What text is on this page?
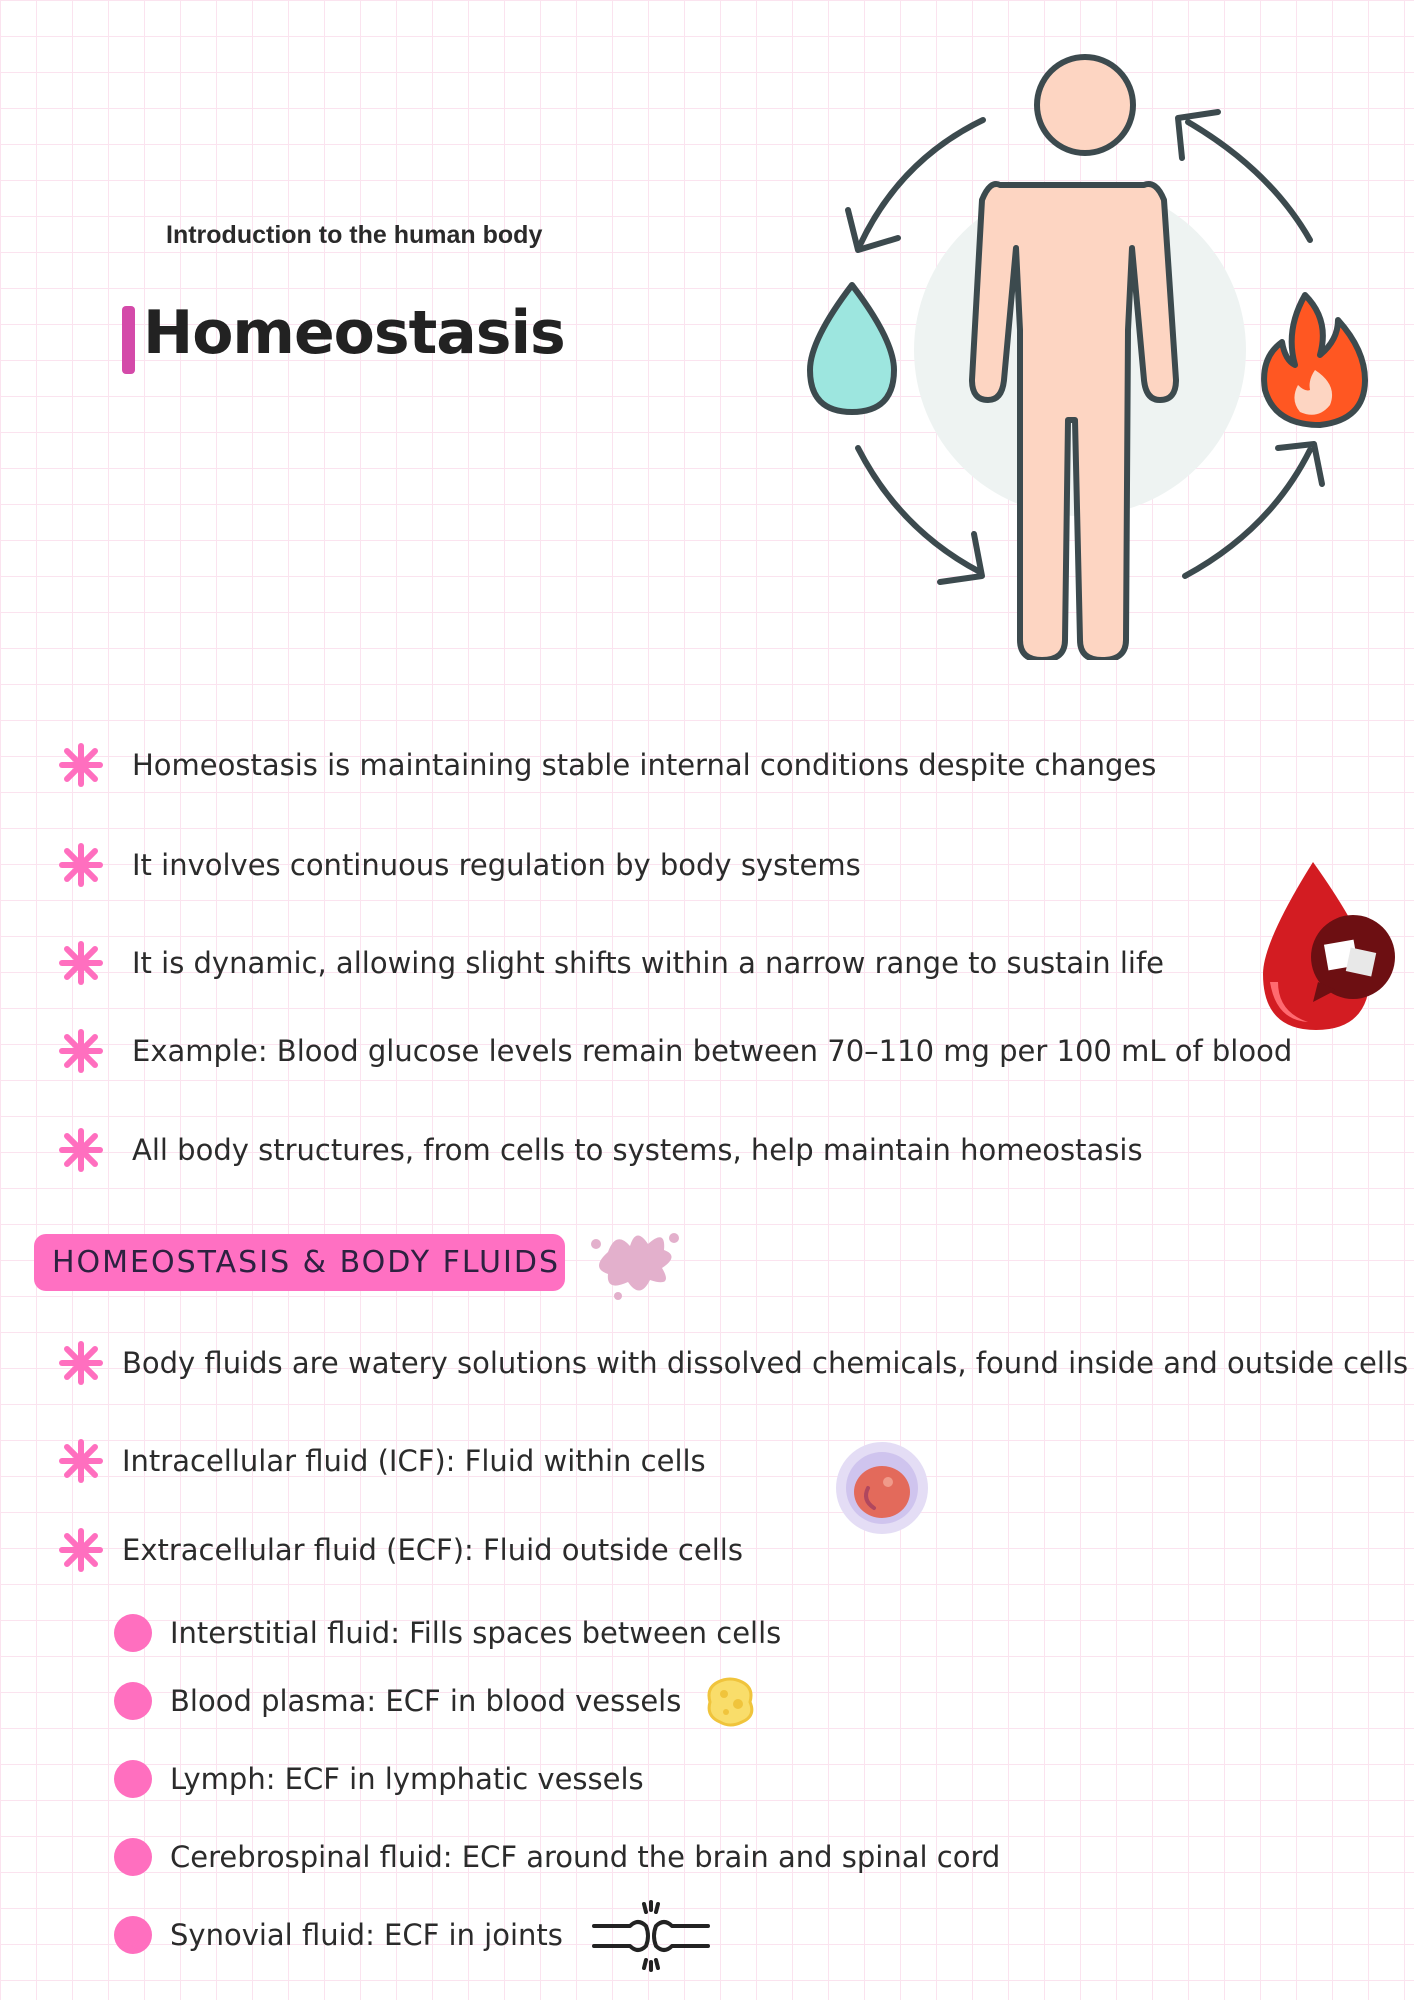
Introduction to the human body
Homeostasis
Homeostasis is maintaining stable internal conditions despite changes
It involves continuous regulation by body systems
It is dynamic, allowing slight shifts within a narrow range to sustain life
Example: Blood glucose levels remain between 70–110 mg per 100 mL of blood
All body structures, from cells to systems, help maintain homeostasis
HOMEOSTASIS & BODY FLUIDS
Body fluids are watery solutions with dissolved chemicals, found inside and outside cells
Intracellular fluid (ICF): Fluid within cells
Extracellular fluid (ECF): Fluid outside cells
Interstitial fluid: Fills spaces between cells
Blood plasma: ECF in blood vessels
Lymph: ECF in lymphatic vessels
Cerebrospinal fluid: ECF around the brain and spinal cord
Synovial fluid: ECF in joints
